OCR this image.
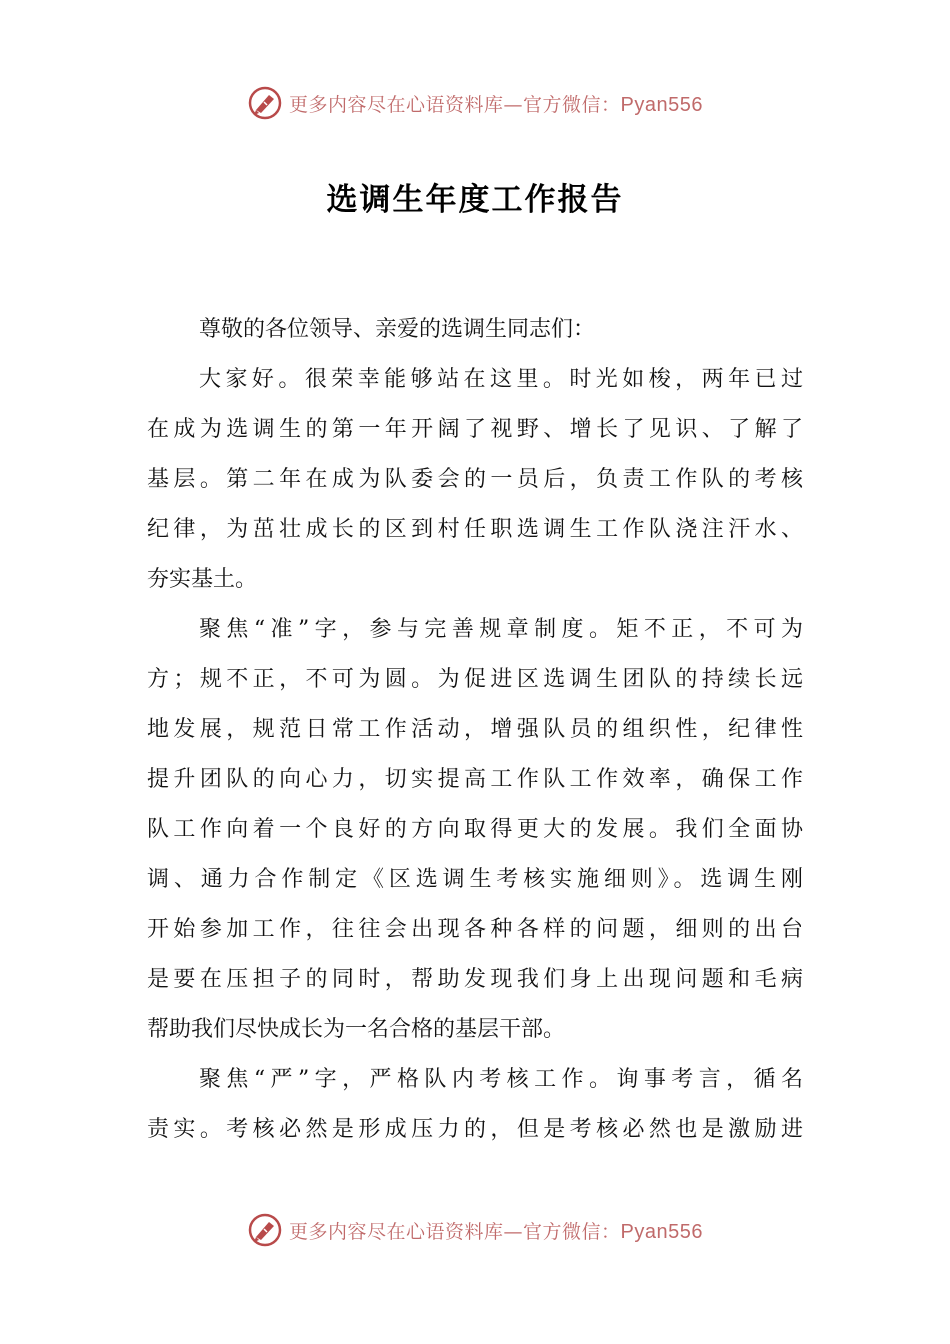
更多内容尽在心语资料库—官方微信：Pyan556
选调生年度工作报告
尊敬的各位领导、亲爱的选调生同志们：
大家好。很荣幸能够站在这里。时光如梭，两年已过
在成为选调生的第一年开阔了视野、增长了见识、了解了
基层。第二年在成为队委会的一员后，负责工作队的考核
纪律，为茁壮成长的区到村任职选调生工作队浇注汗水、
夯实基土。
聚焦“准”字，参与完善规章制度。矩不正，不可为
方；规不正，不可为圆。为促进区选调生团队的持续长远
地发展，规范日常工作活动，增强队员的组织性，纪律性
提升团队的向心力，切实提高工作队工作效率，确保工作
队工作向着一个良好的方向取得更大的发展。我们全面协
调、通力合作制定《区选调生考核实施细则》。选调生刚
开始参加工作，往往会出现各种各样的问题，细则的出台
是要在压担子的同时，帮助发现我们身上出现问题和毛病
帮助我们尽快成长为一名合格的基层干部。
聚焦“严”字，严格队内考核工作。询事考言，循名
责实。考核必然是形成压力的，但是考核必然也是激励进
更多内容尽在心语资料库—官方微信：Pyan556
